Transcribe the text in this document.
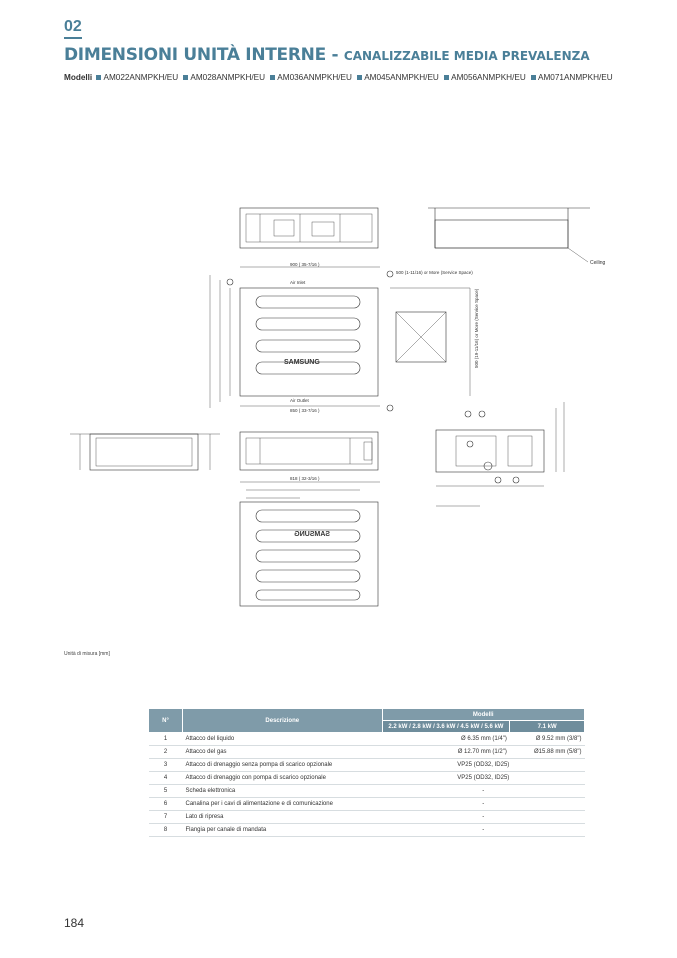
02
DIMENSIONI UNITÀ INTERNE - CANALIZZABILE MEDIA PREVALENZA
Modelli AM022ANMPKH/EU AM028ANMPKH/EU AM036ANMPKH/EU AM045ANMPKH/EU AM056ANMPKH/EU AM071ANMPKH/EU
Ceiling
900 ( 35-7/16 )
Air Inlet
SAMSUNG
Air Outlet
850 ( 33-7/16 )
500 (1-11/16) or More (Service Space)
500 (19-11/16) or More (Service Space)
818 ( 32-3/16 )
SAMSUNG
Unità di misura [mm]
N°	Descrizione	Modelli	
		2.2 kW / 2.8 kW / 3.6 kW / 4.5 kW / 5.6 kW	7.1 kW
1	Attacco del liquido	Ø 6.35 mm (1/4")	Ø 9.52 mm (3/8")
2	Attacco del gas	Ø 12.70 mm (1/2")	Ø15.88 mm (5/8")
3	Attacco di drenaggio senza pompa di scarico opzionale	VP25 (OD32, ID25)	
4	Attacco di drenaggio con pompa di scarico opzionale	VP25 (OD32, ID25)	
5	Scheda elettronica	-	
6	Canalina per i cavi di alimentazione e di comunicazione	-	
7	Lato di ripresa	-	
8	Flangia per canale di mandata	-	
184
